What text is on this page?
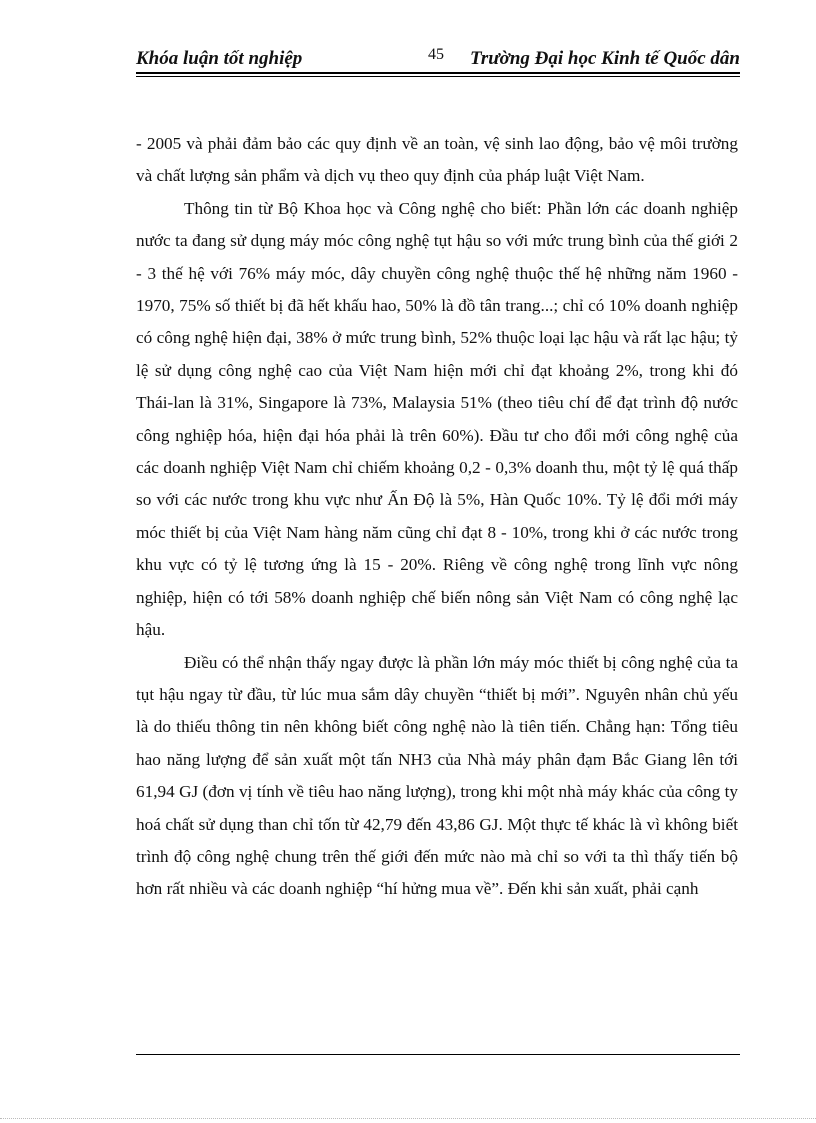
Khóa luận tốt nghiệp	45 Trường Đại học Kinh tế Quốc dân

- 2005 và phải đảm bảo các quy định về an toàn, vệ sinh lao động, bảo vệ môi trường và chất lượng sản phẩm và dịch vụ theo quy định của pháp luật Việt Nam.

Thông tin từ Bộ Khoa học và Công nghệ cho biết: Phần lớn các doanh nghiệp nước ta đang sử dụng máy móc công nghệ tụt hậu so với mức trung bình của thế giới 2 - 3 thế hệ với 76% máy móc, dây chuyền công nghệ thuộc thế hệ những năm 1960 - 1970, 75% số thiết bị đã hết khấu hao, 50% là đồ tân trang...; chỉ có 10% doanh nghiệp có công nghệ hiện đại, 38% ở mức trung bình, 52% thuộc loại lạc hậu và rất lạc hậu; tỷ lệ sử dụng công nghệ cao của Việt Nam hiện mới chỉ đạt khoảng 2%, trong khi đó Thái-lan là 31%, Singapore là 73%, Malaysia 51% (theo tiêu chí để đạt trình độ nước công nghiệp hóa, hiện đại hóa phải là trên 60%). Đầu tư cho đổi mới công nghệ của các doanh nghiệp Việt Nam chỉ chiếm khoảng 0,2 - 0,3% doanh thu, một tỷ lệ quá thấp so với các nước trong khu vực như Ấn Độ là 5%, Hàn Quốc 10%. Tỷ lệ đổi mới máy móc thiết bị của Việt Nam hàng năm cũng chỉ đạt 8 - 10%, trong khi ở các nước trong khu vực có tỷ lệ tương ứng là 15 - 20%. Riêng về công nghệ trong lĩnh vực nông nghiệp, hiện có tới 58% doanh nghiệp chế biến nông sản Việt Nam có công nghệ lạc hậu.

Điều có thể nhận thấy ngay được là phần lớn máy móc thiết bị công nghệ của ta tụt hậu ngay từ đầu, từ lúc mua sắm dây chuyền “thiết bị mới”. Nguyên nhân chủ yếu là do thiếu thông tin nên không biết công nghệ nào là tiên tiến. Chẳng hạn: Tổng tiêu hao năng lượng để sản xuất một tấn NH3 của Nhà máy phân đạm Bắc Giang lên tới 61,94 GJ (đơn vị tính về tiêu hao năng lượng), trong khi một nhà máy khác của công ty hoá chất sử dụng than chỉ tốn từ 42,79 đến 43,86 GJ. Một thực tế khác là vì không biết trình độ công nghệ chung trên thế giới đến mức nào mà chỉ so với ta thì thấy tiến bộ hơn rất nhiều và các doanh nghiệp “hí hửng mua về”. Đến khi sản xuất, phải cạnh
